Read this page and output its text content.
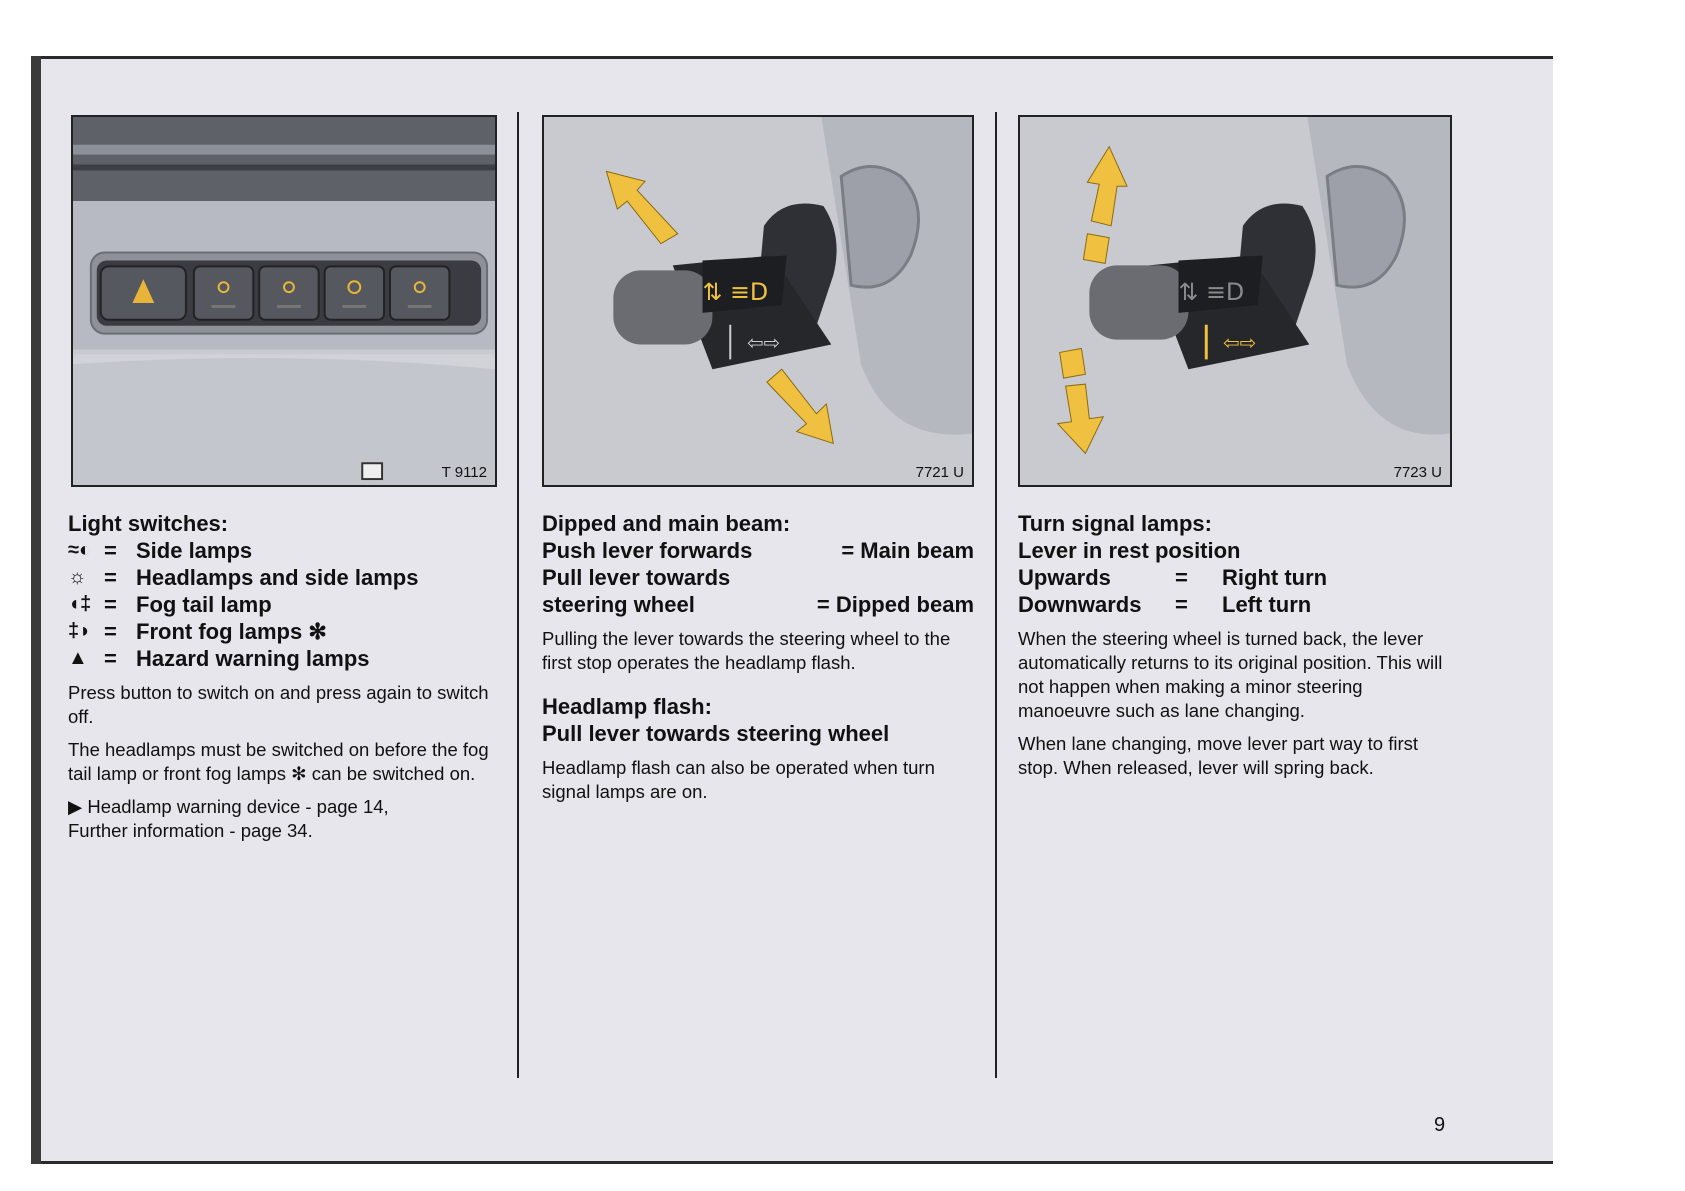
T 9112
⇅ ≡D
⇦⇨
7721 U
⇅ ≡D
⇦⇨
7723 U

Light switches:

≈◐ = Side lamps
☼ = Headlamps and side lamps
◖‡ = Fog tail lamp
‡◗ = Front fog lamps ✻
▲ = Hazard warning lamps

Press button to switch on and press again to switch off.

The headlamps must be switched on before the fog tail lamp or front fog lamps ✻ can be switched on.

▶ Headlamp warning device - page 14,

Further information - page 34.

Dipped and main beam:

Push lever forwards	= Main beam

Pull lever towards

steering wheel	= Dipped beam

Pulling the lever towards the steering wheel to the first stop operates the headlamp flash.

Headlamp flash:

Pull lever towards steering wheel

Headlamp flash can also be operated when turn signal lamps are on.

Turn signal lamps:

Lever in rest position

Upwards	=	Right turn
Downwards	=	Left turn

When the steering wheel is turned back, the lever automatically returns to its original position. This will not happen when making a minor steering manoeuvre such as lane changing.

When lane changing, move lever part way to first stop. When released, lever will spring back.

9
